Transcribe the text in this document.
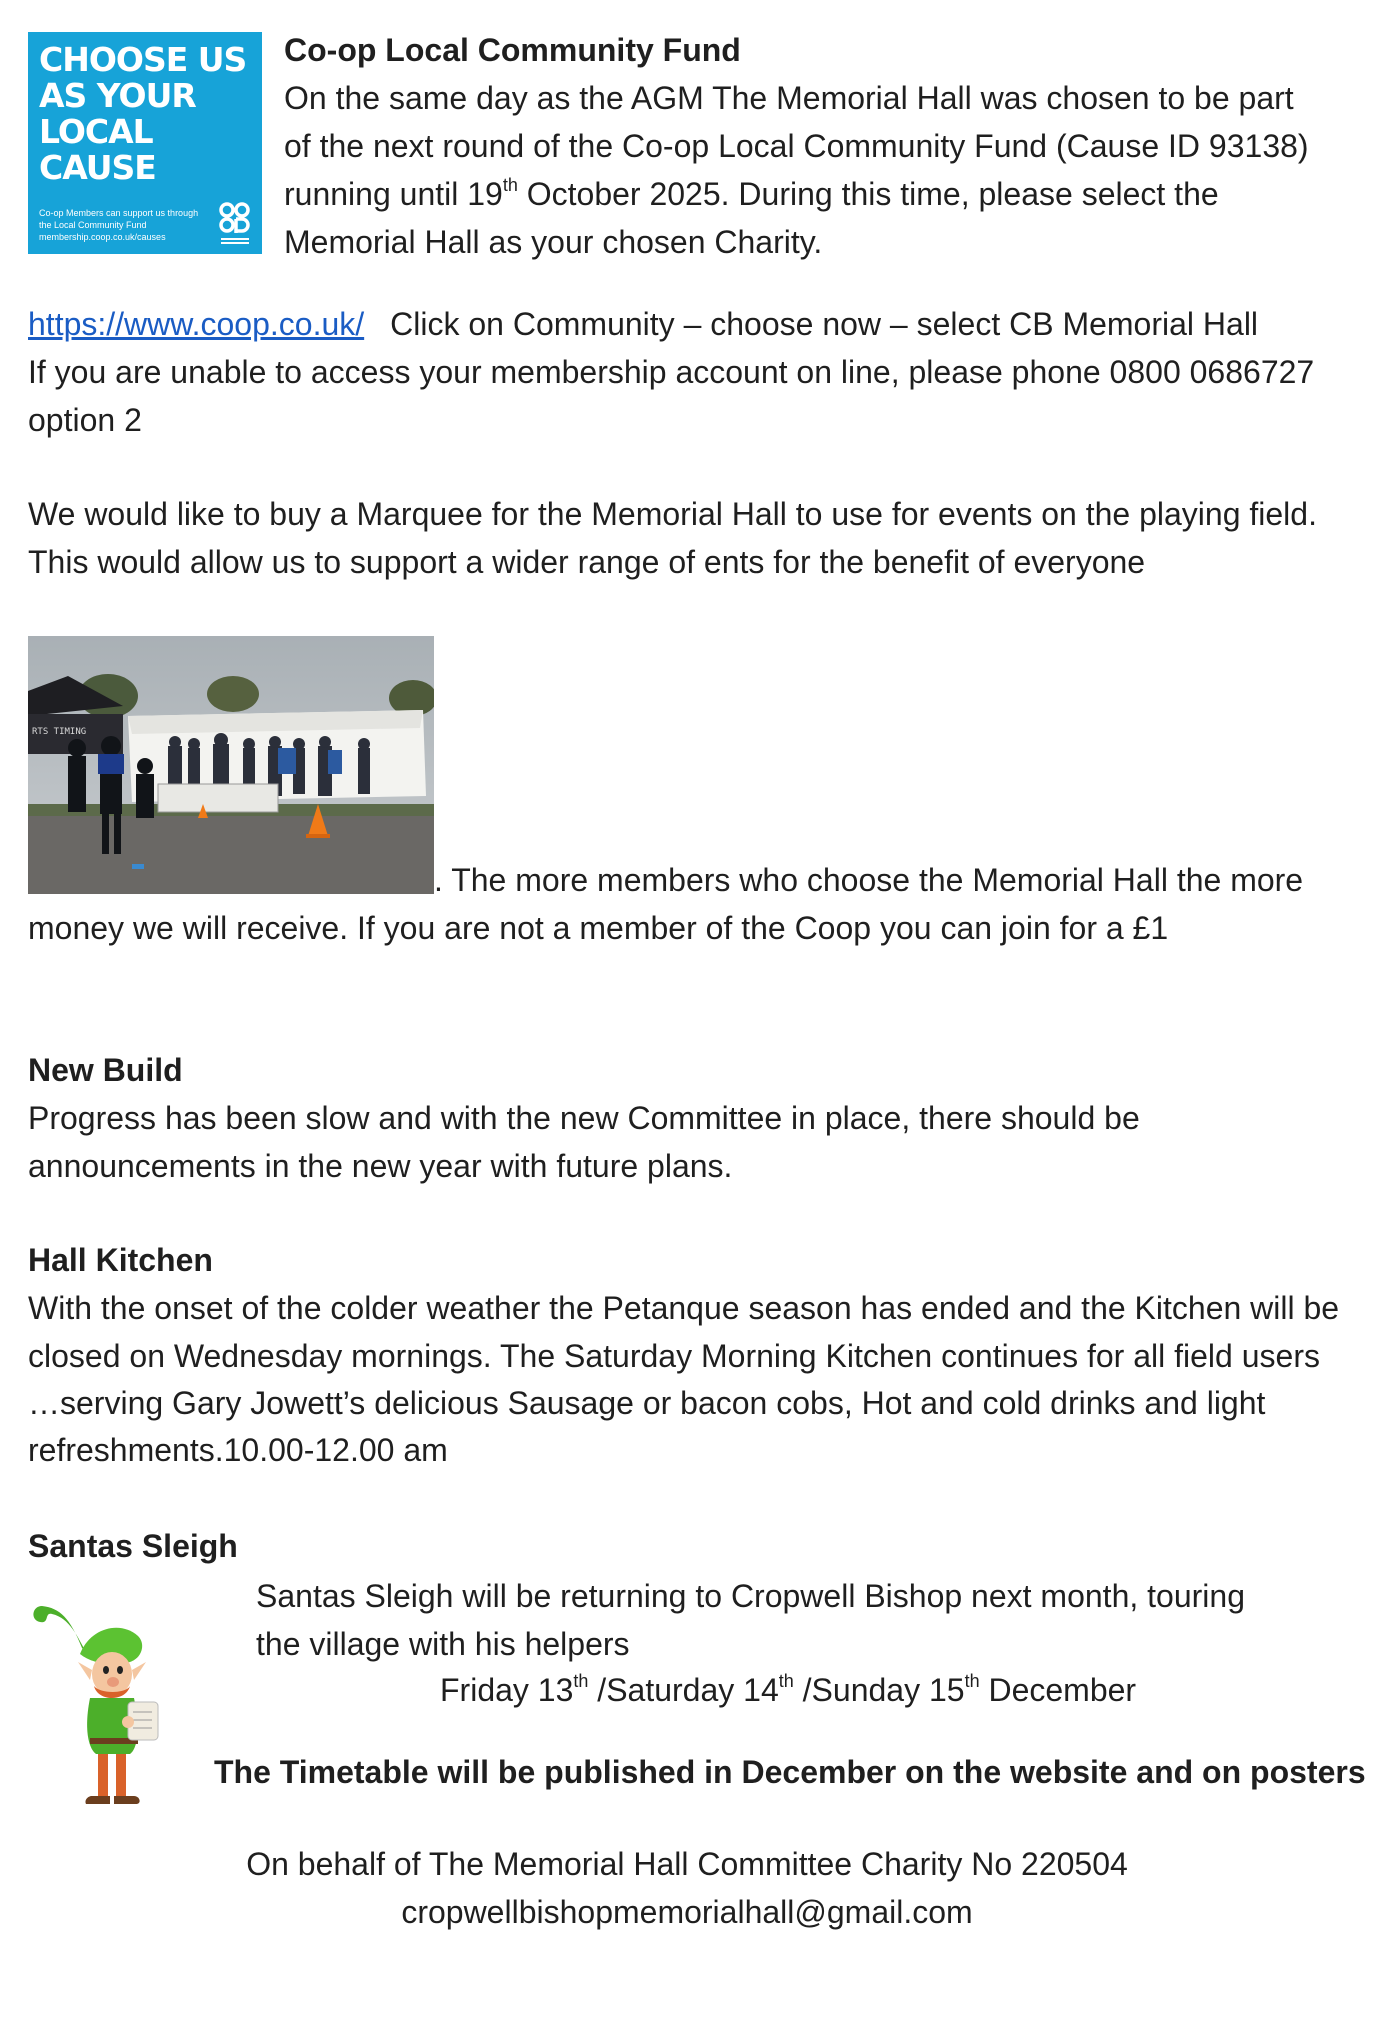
CHOOSE US
AS YOUR
LOCAL CAUSE
Co-op Members can support us through the Local Community Fund membership.coop.co.uk/causes
Co-op Local Community Fund
On the same day as the AGM The Memorial Hall was chosen to be part
of the next round of the Co-op Local Community Fund (Cause ID 93138)
running until 19th October 2025. During this time, please select the
Memorial Hall as your chosen Charity.
https://www.coop.co.uk/ Click on Community – choose now – select CB Memorial Hall
If you are unable to access your membership account on line, please phone 0800 0686727
option 2
We would like to buy a Marquee for the Memorial Hall to use for events on the playing field.
This would allow us to support a wider range of ents for the benefit of everyone
RTS TIMING
. The more members who choose the Memorial Hall the more
money we will receive. If you are not a member of the Coop you can join for a £1
New Build
Progress has been slow and with the new Committee in place, there should be
announcements in the new year with future plans.
Hall Kitchen
With the onset of the colder weather the Petanque season has ended and the Kitchen will be
closed on Wednesday mornings. The Saturday Morning Kitchen continues for all field users
…serving Gary Jowett’s delicious Sausage or bacon cobs, Hot and cold drinks and light
refreshments.10.00-12.00 am
Santas Sleigh
Santas Sleigh will be returning to Cropwell Bishop next month, touring
the village with his helpers
Friday 13th /Saturday 14th /Sunday 15th December
The Timetable will be published in December on the website and on posters
On behalf of The Memorial Hall Committee Charity No 220504
cropwellbishopmemorialhall@gmail.com
